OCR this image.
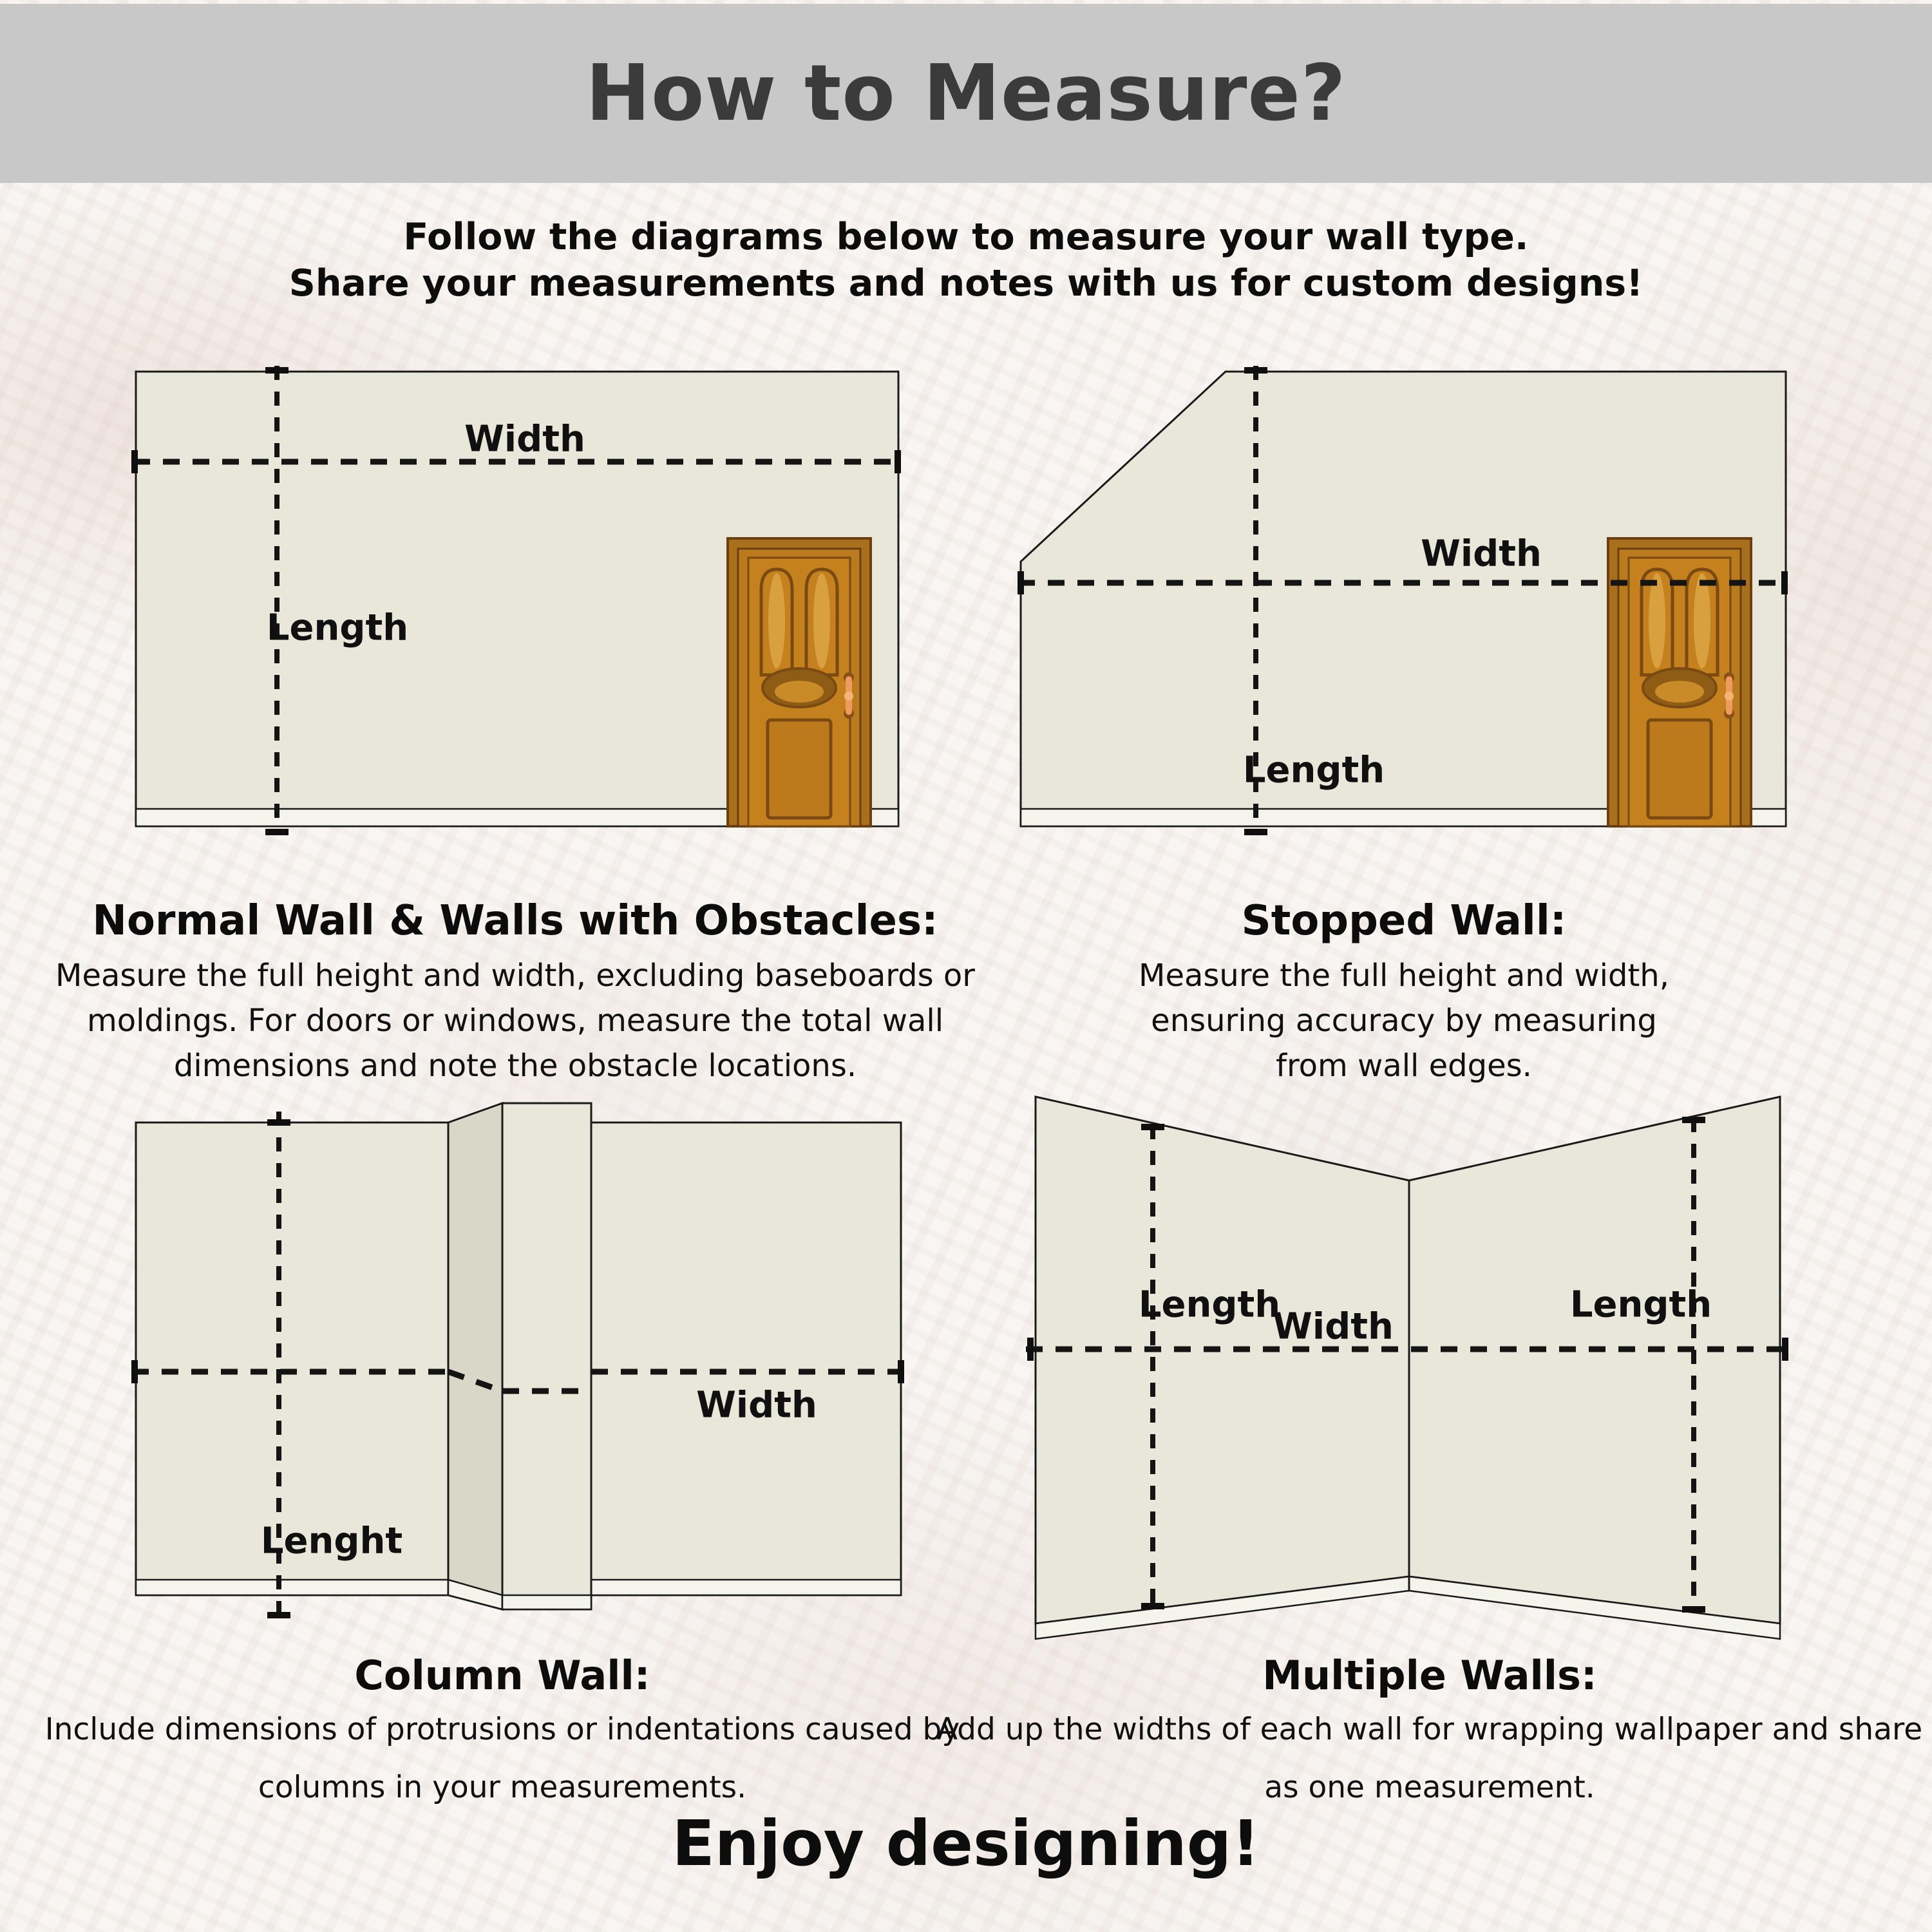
How to Measure?
Follow the diagrams below to measure your wall type.
Share your measurements and notes with us for custom designs!
Width
Length
Width
Length
Width
Lenght
Length
Width
Length
Normal Wall & Walls with Obstacles:
Measure the full height and width, excluding baseboards or moldings. For doors or windows, measure the total wall dimensions and note the obstacle locations.
Stopped Wall:
Measure the full height and width, ensuring accuracy by measuring from wall edges.
Column Wall:
Include dimensions of protrusions or indentations caused by columns in your measurements.
Multiple Walls:
Add up the widths of each wall for wrapping wallpaper and share as one measurement.
Enjoy designing!
